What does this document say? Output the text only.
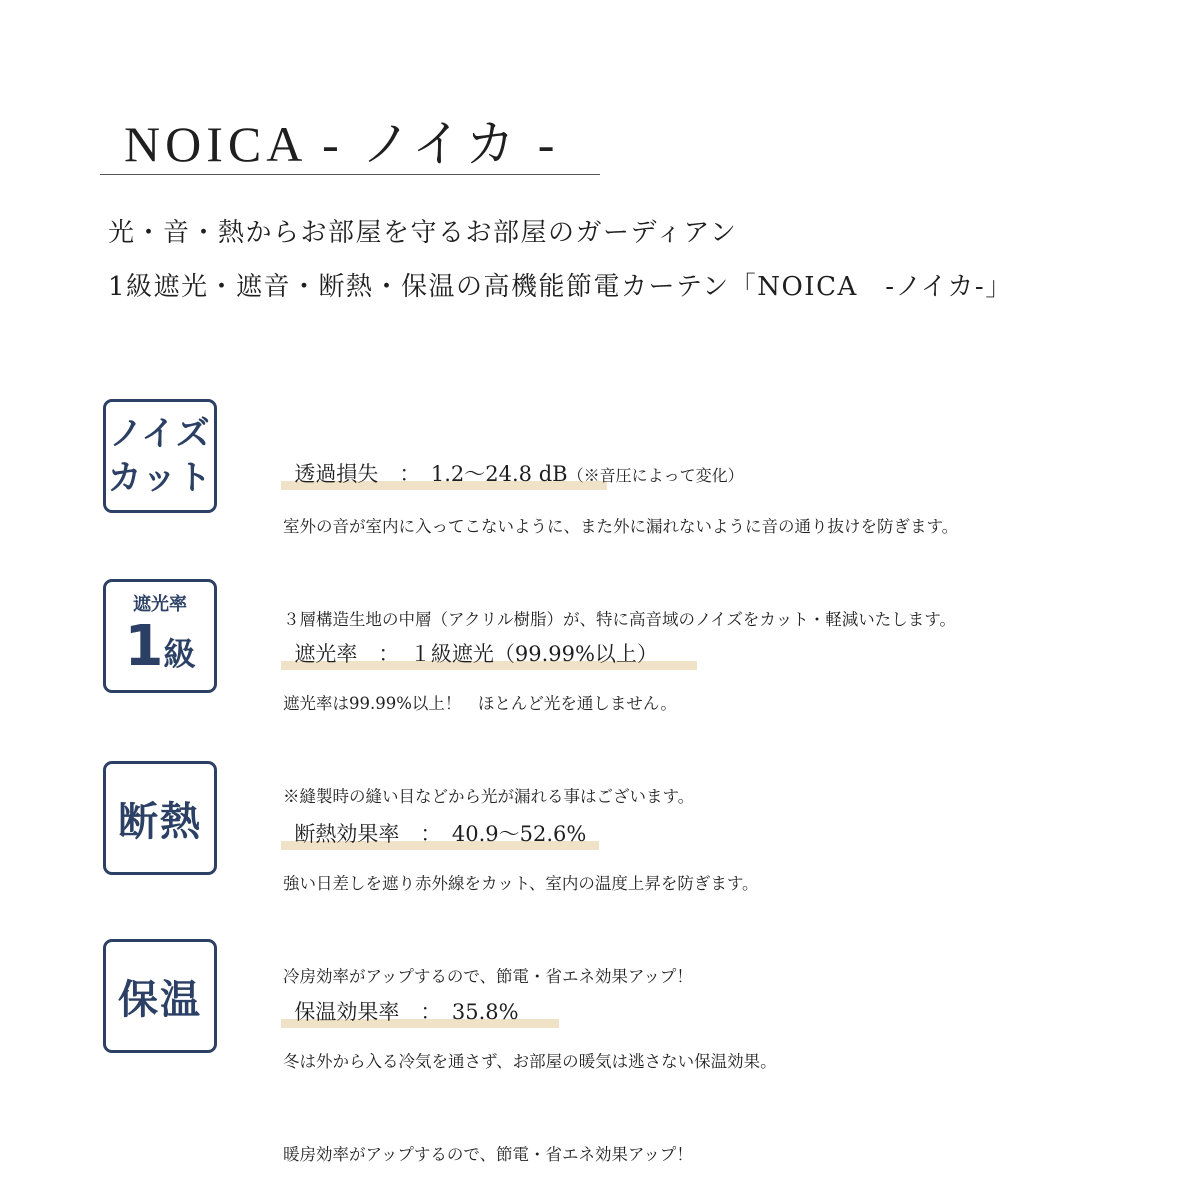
NOICA - ノイカ -
光・音・熱からお部屋を守るお部屋のガーディアン
1級遮光・遮音・断熱・保温の高機能節電カーテン「NOICA　-ノイカ-」
ノイズ
カット

	透過損失　：　1.2～24.8 dB（※音圧によって変化）

室外の音が室内に入ってこないように、また外に漏れないように音の通り抜けを防ぎます。

３層構造生地の中層（アクリル樹脂）が、特に高音域のノイズをカット・軽減いたします。

遮光率
1 級

	遮光率　：　１級遮光（99.99%以上）

遮光率は99.99%以上！　ほとんど光を通しません。

※縫製時の縫い目などから光が漏れる事はございます。

断熱

	断熱効果率　：　40.9～52.6%

強い日差しを遮り赤外線をカット、室内の温度上昇を防ぎます。

冷房効率がアップするので、節電・省エネ効果アップ！

保温

	保温効果率　：　35.8%

冬は外から入る冷気を通さず、お部屋の暖気は逃さない保温効果。

暖房効率がアップするので、節電・省エネ効果アップ！
